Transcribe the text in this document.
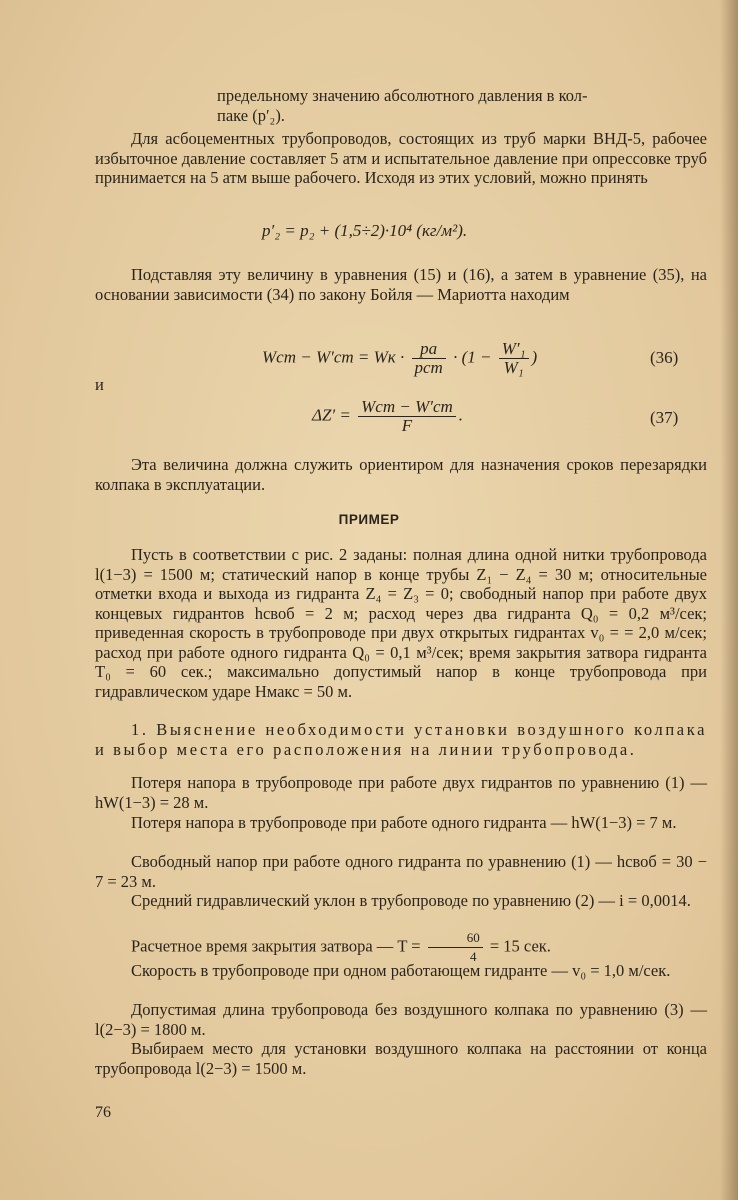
предельному значению абсолютного давления в кол-

паке (p′₂).

Для асбоцементных трубопроводов, состоящих из труб марки ВНД-5, рабочее избыточное давление составляет 5 атм и испытательное давление при опрессовке труб принимается на 5 атм выше рабочего. Исходя из этих условий, можно принять

p′₂ = p₂ + (1,5÷2)·10⁴ (кг/м²).

Подставляя эту величину в уравнения (15) и (16), а затем в уравнение (35), на основании зависимости (34) по закону Бойля — Мариотта находим

Wст − W′ст = Wк · $\frac{pа}{\text{pст}} \cdot (1 - \frac{\text{W′₁}}{\text{W₁}}$ )	(36)
и
$\Delta Z' = \frac{\text{Wст − W′ст}}{F}$ .	(37)

Эта величина должна служить ориентиром для назначения сроков перезарядки колпака в эксплуатации.

ПРИМЕР

Пусть в соответствии с рис. 2 заданы: полная длина одной нитки трубопровода l(1−3) = 1500 м; статический напор в конце трубы Z₁ − Z₄ = 30 м; относительные отметки входа и выхода из гидранта Z₄ = Z₃ = 0; свободный напор при работе двух концевых гидрантов hсвоб = 2 м; расход через два гидранта Q₀ = 0,2 м³/сек; приведенная скорость в трубопроводе при двух открытых гидрантах v₀ = = 2,0 м/сек; расход при работе одного гидранта Q₀ = 0,1 м³/сек; время закрытия затвора гидранта T₀ = 60 сек.; максимально допустимый напор в конце трубопровода при гидравлическом ударе Hмакс = 50 м.

1. Выяснение необходимости установки воздушного колпака и выбор места его расположения на линии трубопровода.

Потеря напора в трубопроводе при работе двух гидрантов по уравнению (1) — hW(1−3) = 28 м.

Потеря напора в трубопроводе при работе одного гидранта — hW(1−3) = 7 м.

Свободный напор при работе одного гидранта по уравнению (1) — hсвоб = 30 − 7 = 23 м.

Средний гидравлический уклон в трубопроводе по уравнению (2) — i = 0,0014.

Расчетное время закрытия затвора — $T = \frac{60}{4} = 15$ сек.

Скорость в трубопроводе при одном работающем гидранте — v₀ = 1,0 м/сек.

Допустимая длина трубопровода без воздушного колпака по уравнению (3) — l(2−3) = 1800 м.

Выбираем место для установки воздушного колпака на расстоянии от конца трубопровода l(2−3) = 1500 м.

76
